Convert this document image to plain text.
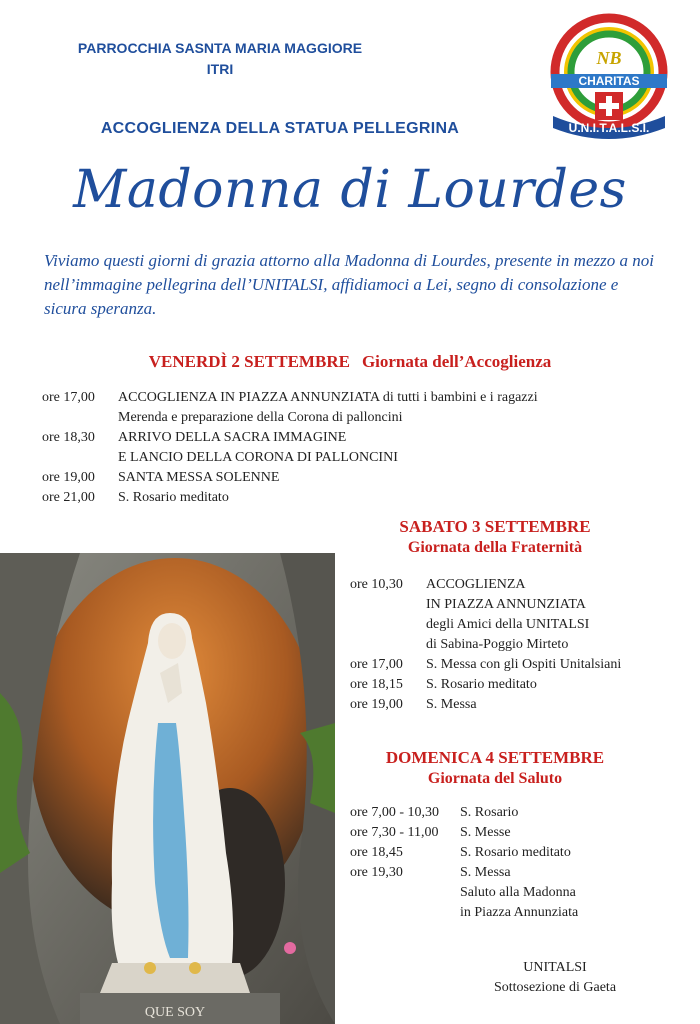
PARROCCHIA SASNTA MARIA MAGGIORE
ITRI
CHARITAS
NB
U.N.I.T.A.L.S.I.
ACCOGLIENZA DELLA STATUA PELLEGRINA
Madonna di Lourdes
Viviamo questi giorni di grazia attorno alla Madonna di Lourdes, presente in mezzo a noi nell’immagine pellegrina dell’UNITALSI, affidiamoci a Lei, segno di consolazione e sicura speranza.
VENERDÌ 2 SETTEMBRE Giornata dell’Accoglienza
ore 17,00	ACCOGLIENZA IN PIAZZA ANNUNZIATA di tutti i bambini e i ragazzi
Merenda e preparazione della Corona di palloncini
ore 18,30	ARRIVO DELLA SACRA IMMAGINE
E LANCIO DELLA CORONA DI PALLONCINI
ore 19,00	SANTA MESSA SOLENNE
ore 21,00	S. Rosario meditato
SABATO 3 SETTEMBRE
Giornata della Fraternità
ore 10,30	ACCOGLIENZA
IN PIAZZA ANNUNZIATA
degli Amici della UNITALSI
di Sabina-Poggio Mirteto
ore 17,00	S. Messa con gli Ospiti Unitalsiani
ore 18,15	S. Rosario meditato
ore 19,00	S. Messa
DOMENICA 4 SETTEMBRE
Giornata del Saluto
ore 7,00 - 10,30	S. Rosario
ore 7,30 - 11,00	S. Messe
ore 18,45	S. Rosario meditato
ore 19,30	S. Messa
Saluto alla Madonna
in Piazza Annunziata
QUE SOY
UNITALSI
Sottosezione di Gaeta
